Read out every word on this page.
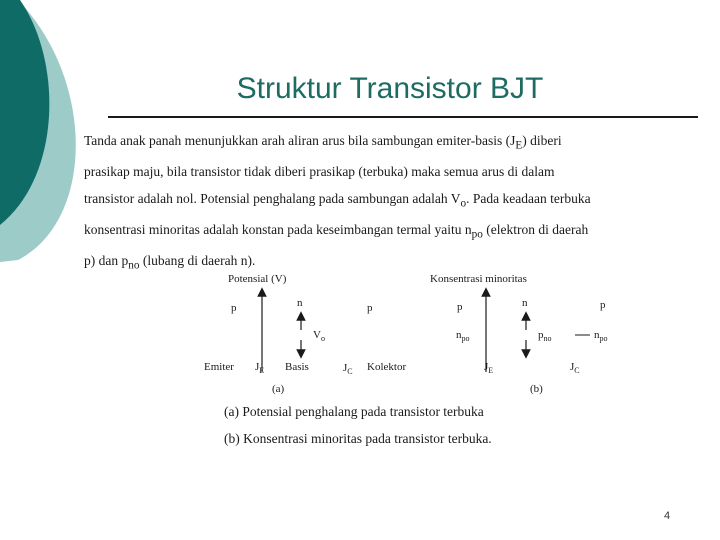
Struktur Transistor BJT

Tanda anak panah menunjukkan arah aliran arus bila sambungan emiter-basis $(J_E)$ diberi

prasikap maju, bila transistor tidak diberi prasikap (terbuka) maka semua arus di dalam

transistor adalah nol. Potensial penghalang pada sambungan adalah $V_o$. Pada keadaan terbuka

konsentrasi minoritas adalah konstan pada keseimbangan termal yaitu $n_{po}$ (elektron di daerah

p) dan $p_{no}$ (lubang di daerah n).

Potensial (V)
p	n	p
$V_o$
Emiter $J_E$ Basis	$J_C$ Kolektor
(a)
Konsentrasi minoritas
p	n	p
$n_{po}$	$p_{no}$	$n_{po}$
$J_E$	$J_C$
(b)
(a) Potensial penghalang pada transistor terbuka
(b) Konsentrasi minoritas pada transistor terbuka.
4
